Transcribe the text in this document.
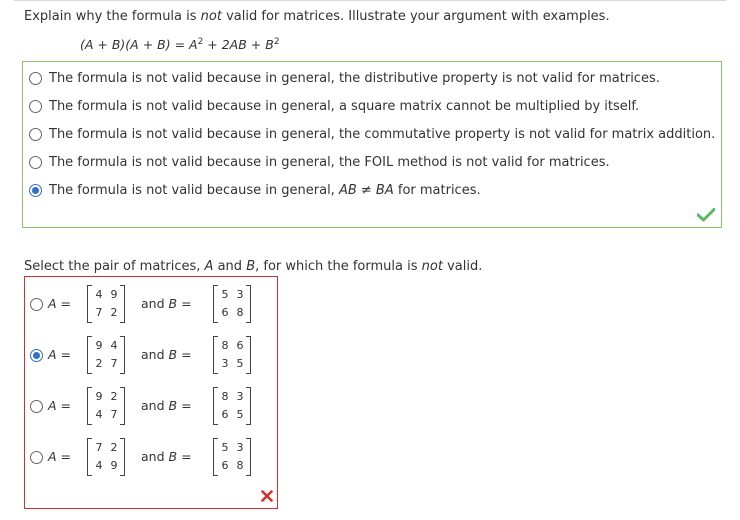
Explain why the formula is not valid for matrices. Illustrate your argument with examples.
$(A + B)(A + B) = A^2 + 2AB + B^2$
The formula is not valid because in general, the distributive property is not valid for matrices.
The formula is not valid because in general, a square matrix cannot be multiplied by itself.
The formula is not valid because in general, the commutative property is not valid for matrix addition.
The formula is not valid because in general, the FOIL method is not valid for matrices.
The formula is not valid because in general, AB ≠ BA for matrices.
Select the pair of matrices, A and B, for which the formula is not valid.
A =
4 9
7 2
and B =
5 3
6 8
A =
9 4
2 7
and B =
8 6
3 5
A =
9 2
4 7
and B =
8 3
6 5
A =
7 2
4 9
and B =
5 3
6 8
